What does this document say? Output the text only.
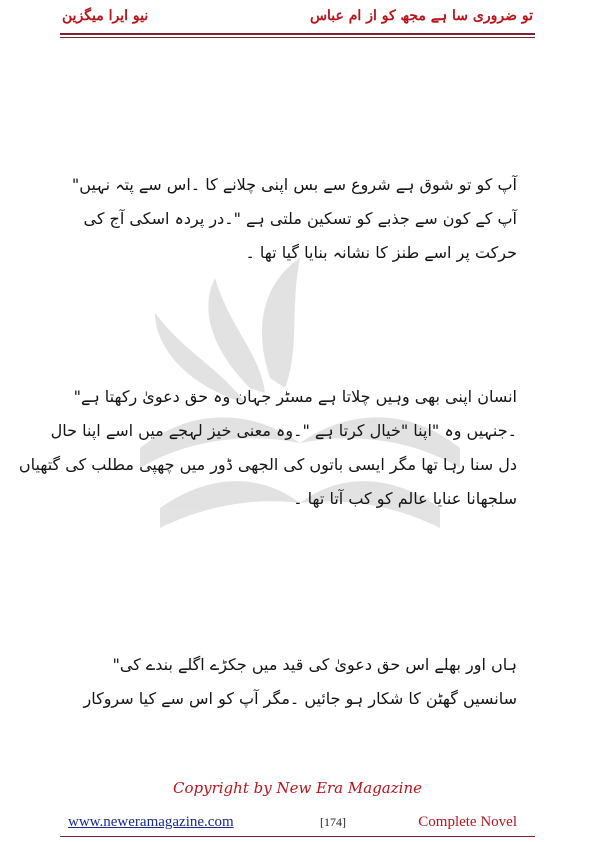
نیو ایرا میگزین	تو ضروری سا ہے مجھ کو از ام عباس
آپ کو تو شوق ہے شروع سے بس اپنی چلانے کا ۔اس سے پتہ نہیں"
آپ کے کون سے جذبے کو تسکین ملتی ہے "۔در پردہ اسکی آج کی
حرکت پر اسے طنز کا نشانہ بنایا گیا تھا ۔
انسان اپنی بھی وہیں چلاتا ہے مسٹر جہان وہ حق دعویٰ رکھتا ہے"
۔جنہیں وہ "اپنا "خیال کرتا ہے "۔وہ معنی خیز لہجے میں اسے اپنا حال
دل سنا رہا تھا مگر ایسی باتوں کی الجھی ڈور میں چھپی مطلب کی گتھیاں
سلجھانا عنایا عالم کو کب آتا تھا ۔
ہاں اور بھلے اس حق دعویٰ کی قید میں جکڑے اگلے بندے کی"
سانسیں گھٹن کا شکار ہو جائیں ۔مگر آپ کو اس سے کیا سروکار
Copyright by New Era Magazine
www.neweramagazine.com	[174]	Complete Novel
